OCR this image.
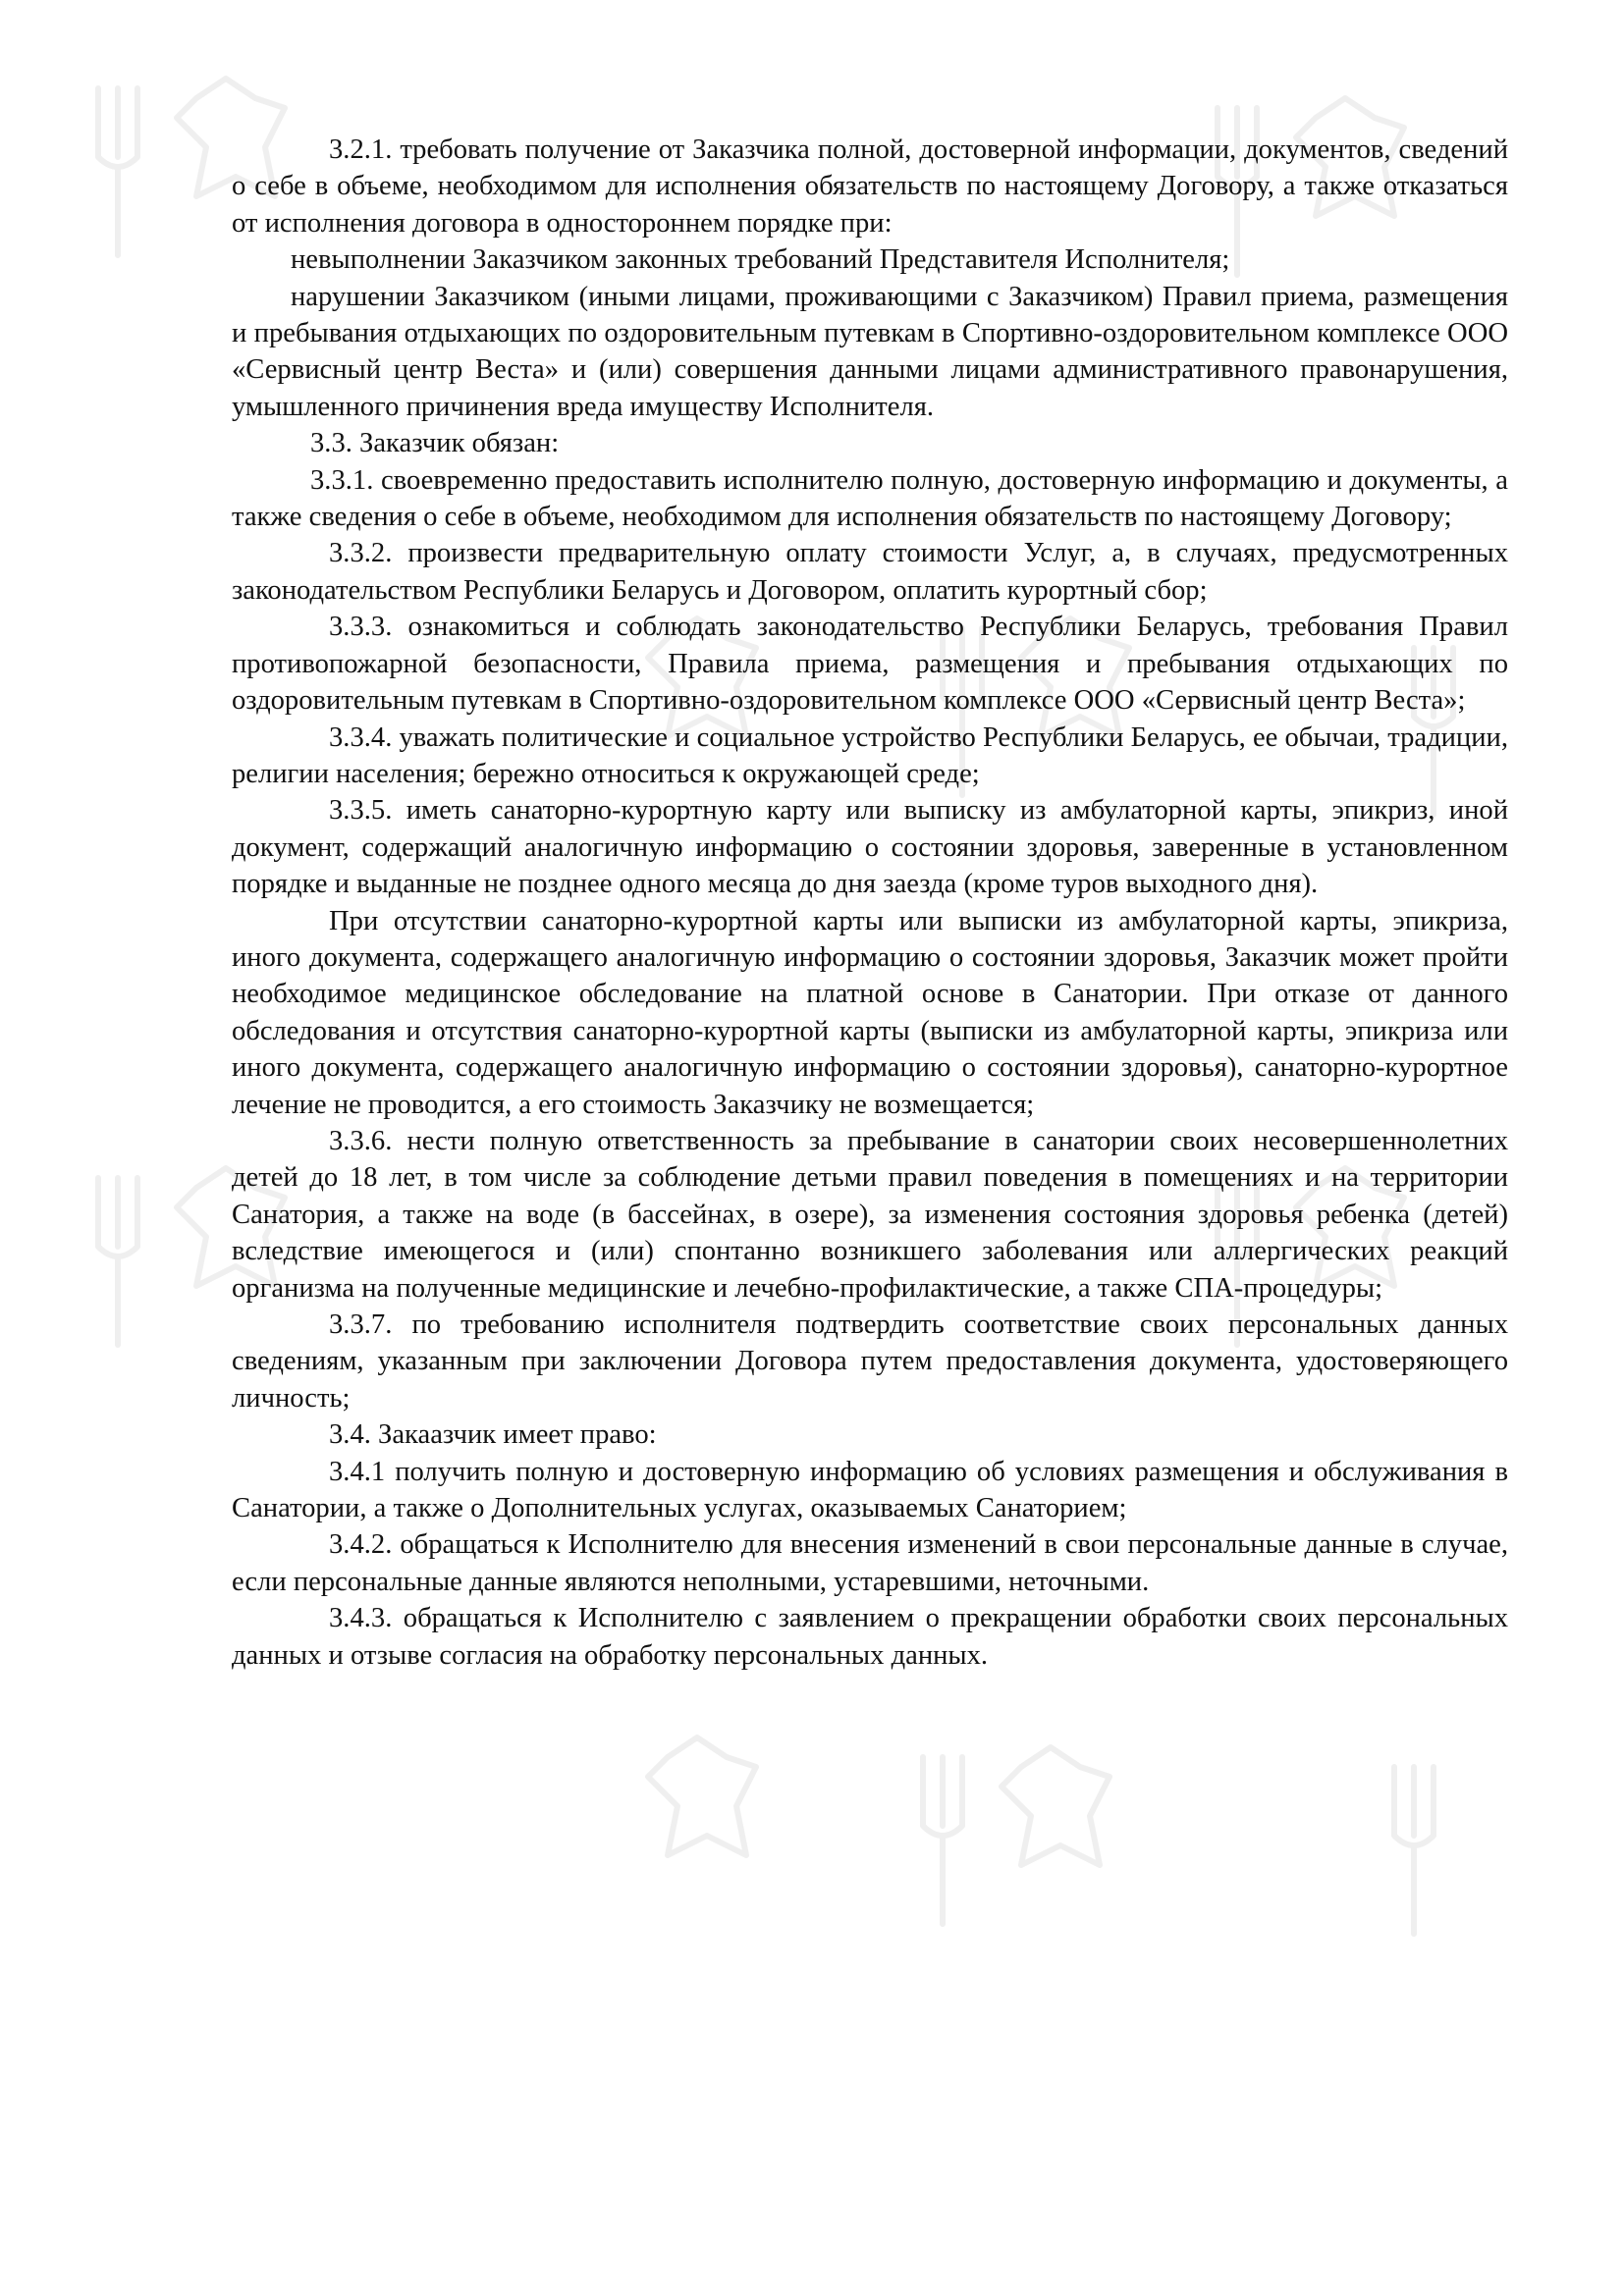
3.2.1. требовать получение от Заказчика полной, достоверной информации, документов, сведений о себе в объеме, необходимом для исполнения обязательств по настоящему Договору, а также отказаться от исполнения договора в одностороннем порядке при:

невыполнении Заказчиком законных требований Представителя Исполнителя;

нарушении Заказчиком (иными лицами, проживающими с Заказчиком) Правил приема, размещения и пребывания отдыхающих по оздоровительным путевкам в Спортивно-оздоровительном комплексе ООО «Сервисный центр Веста» и (или) совершения данными лицами административного правонарушения, умышленного причинения вреда имуществу Исполнителя.

3.3. Заказчик обязан:

3.3.1. своевременно предоставить исполнителю полную, достоверную информацию и документы, а также сведения о себе в объеме, необходимом для исполнения обязательств по настоящему Договору;

3.3.2. произвести предварительную оплату стоимости Услуг, а, в случаях, предусмотренных законодательством Республики Беларусь и Договором, оплатить курортный сбор;

3.3.3. ознакомиться и соблюдать законодательство Республики Беларусь, требования Правил противопожарной безопасности, Правила приема, размещения и пребывания отдыхающих по оздоровительным путевкам в Спортивно-оздоровительном комплексе ООО «Сервисный центр Веста»;

3.3.4. уважать политические и социальное устройство Республики Беларусь, ее обычаи, традиции, религии населения; бережно относиться к окружающей среде;

3.3.5. иметь санаторно-курортную карту или выписку из амбулаторной карты, эпикриз, иной документ, содержащий аналогичную информацию о состоянии здоровья, заверенные в установленном порядке и выданные не позднее одного месяца до дня заезда (кроме туров выходного дня).

При отсутствии санаторно-курортной карты или выписки из амбулаторной карты, эпикриза, иного документа, содержащего аналогичную информацию о состоянии здоровья, Заказчик может пройти необходимое медицинское обследование на платной основе в Санатории. При отказе от данного обследования и отсутствия санаторно-курортной карты (выписки из амбулаторной карты, эпикриза или иного документа, содержащего аналогичную информацию о состоянии здоровья), санаторно-курортное лечение не проводится, а его стоимость Заказчику не возмещается;

3.3.6. нести полную ответственность за пребывание в санатории своих несовершеннолетних детей до 18 лет, в том числе за соблюдение детьми правил поведения в помещениях и на территории Санатория, а также на воде (в бассейнах, в озере), за изменения состояния здоровья ребенка (детей) вследствие имеющегося и (или) спонтанно возникшего заболевания или аллергических реакций организма на полученные медицинские и лечебно-профилактические, а также СПА-процедуры;

3.3.7. по требованию исполнителя подтвердить соответствие своих персональных данных сведениям, указанным при заключении Договора путем предоставления документа, удостоверяющего личность;

3.4. Закаазчик имеет право:

3.4.1 получить полную и достоверную информацию об условиях размещения и обслуживания в Санатории, а также о Дополнительных услугах, оказываемых Санаторием;

3.4.2. обращаться к Исполнителю для внесения изменений в свои персональные данные в случае, если персональные данные являются неполными, устаревшими, неточными.

3.4.3. обращаться к Исполнителю с заявлением о прекращении обработки своих персональных данных и отзыве согласия на обработку персональных данных.
